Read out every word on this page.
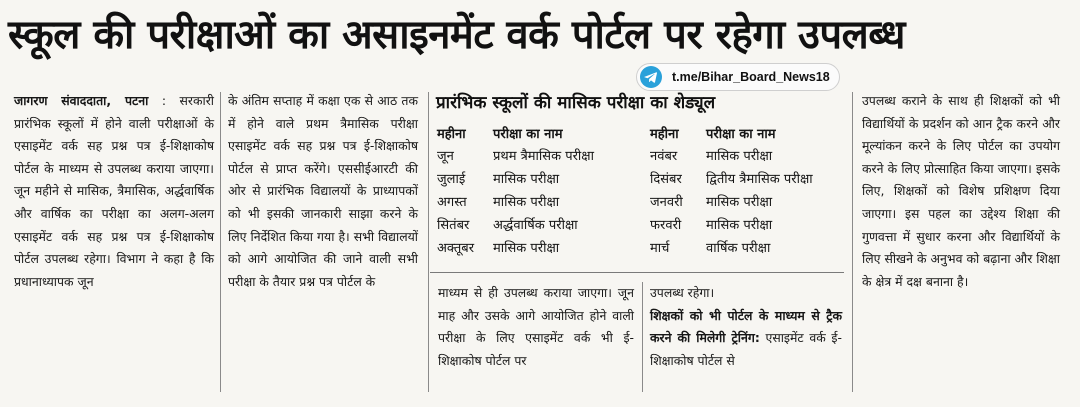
स्कूल की परीक्षाओं का असाइनमेंट वर्क पोर्टल पर रहेगा उपलब्ध
t.me/Bihar_Board_News18
जागरण संवाददाता, पटना : सरकारी प्रारंभिक स्कूलों में होने वाली परीक्षाओं के एसाइमेंट वर्क सह प्रश्न पत्र ई-शिक्षाकोष पोर्टल के माध्यम से उपलब्ध कराया जाएगा। जून महीने से मासिक, त्रैमासिक, अर्द्धवार्षिक और वार्षिक का परीक्षा का अलग-अलग एसाइमेंट वर्क सह प्रश्न पत्र ई-शिक्षाकोष पोर्टल उपलब्ध रहेगा। विभाग ने कहा है कि प्रधानाध्यापक जून
के अंतिम सप्ताह में कक्षा एक से आठ तक में होने वाले प्रथम त्रैमासिक परीक्षा एसाइमेंट वर्क सह प्रश्न पत्र ई-शिक्षाकोष पोर्टल से प्राप्त करेंगे। एससीईआरटी की ओर से प्रारंभिक विद्यालयों के प्राध्यापकों को भी इसकी जानकारी साझा करने के लिए निर्देशित किया गया है। सभी विद्यालयों को आगे आयोजित की जाने वाली सभी परीक्षा के तैयार प्रश्न पत्र पोर्टल के
प्रारंभिक स्कूलों की मासिक परीक्षा का शेड्यूल
महीना	परीक्षा का नाम
जून	प्रथम त्रैमासिक परीक्षा
जुलाई	मासिक परीक्षा
अगस्त	मासिक परीक्षा
सितंबर	अर्द्धवार्षिक परीक्षा
अक्तूबर	मासिक परीक्षा
महीना	परीक्षा का नाम
नवंबर	मासिक परीक्षा
दिसंबर	द्वितीय त्रैमासिक परीक्षा
जनवरी	मासिक परीक्षा
फरवरी	मासिक परीक्षा
मार्च	वार्षिक परीक्षा
माध्यम से ही उपलब्ध कराया जाएगा। जून माह और उसके आगे आयोजित होने वाली परीक्षा के लिए एसाइमेंट वर्क भी ई-शिक्षाकोष पोर्टल पर
उपलब्ध रहेगा।
शिक्षकों को भी पोर्टल के माध्यम से ट्रैक करने की मिलेगी ट्रेनिंग: एसाइमेंट वर्क ई-शिक्षाकोष पोर्टल से
उपलब्ध कराने के साथ ही शिक्षकों को भी विद्यार्थियों के प्रदर्शन को आन ट्रैक करने और मूल्यांकन करने के लिए पोर्टल का उपयोग करने के लिए प्रोत्साहित किया जाएगा। इसके लिए, शिक्षकों को विशेष प्रशिक्षण दिया जाएगा। इस पहल का उद्देश्य शिक्षा की गुणवत्ता में सुधार करना और विद्यार्थियों के लिए सीखने के अनुभव को बढ़ाना और शिक्षा के क्षेत्र में दक्ष बनाना है।
